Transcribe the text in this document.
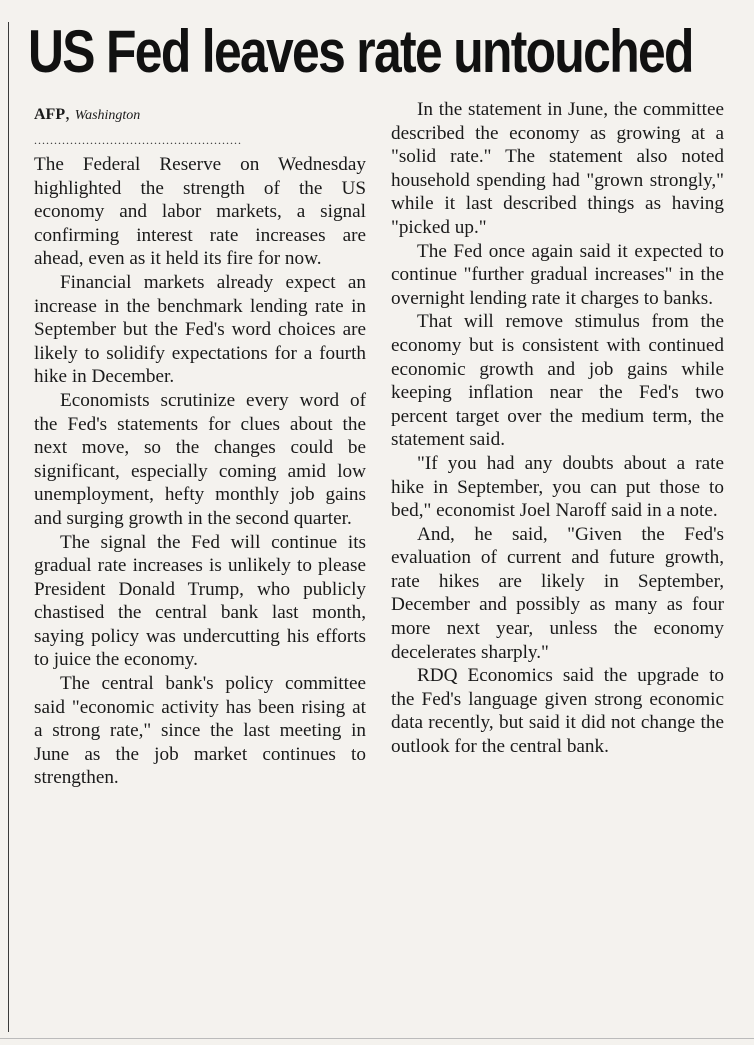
US Fed leaves rate untouched

AFP, Washington

....................................................

The Federal Reserve on Wednesday highlighted the strength of the US economy and labor markets, a signal confirming interest rate increases are ahead, even as it held its fire for now.

Financial markets already expect an increase in the benchmark lending rate in September but the Fed's word choices are likely to solidify expectations for a fourth hike in December.

Economists scrutinize every word of the Fed's statements for clues about the next move, so the changes could be significant, especially coming amid low unemployment, hefty monthly job gains and surging growth in the second quarter.

The signal the Fed will continue its gradual rate increases is unlikely to please President Donald Trump, who publicly chastised the central bank last month, saying policy was undercutting his efforts to juice the economy.

The central bank's policy committee said "economic activity has been rising at a strong rate," since the last meeting in June as the job market continues to strengthen.

In the statement in June, the committee described the economy as growing at a "solid rate." The statement also noted household spending had "grown strongly," while it last described things as having "picked up."

The Fed once again said it expected to continue "further gradual increases" in the overnight lending rate it charges to banks.

That will remove stimulus from the economy but is consistent with continued economic growth and job gains while keeping inflation near the Fed's two percent target over the medium term, the statement said.

"If you had any doubts about a rate hike in September, you can put those to bed," economist Joel Naroff said in a note.

And, he said, "Given the Fed's evaluation of current and future growth, rate hikes are likely in September, December and possibly as many as four more next year, unless the economy decelerates sharply."

RDQ Economics said the upgrade to the Fed's language given strong economic data recently, but said it did not change the outlook for the central bank.
